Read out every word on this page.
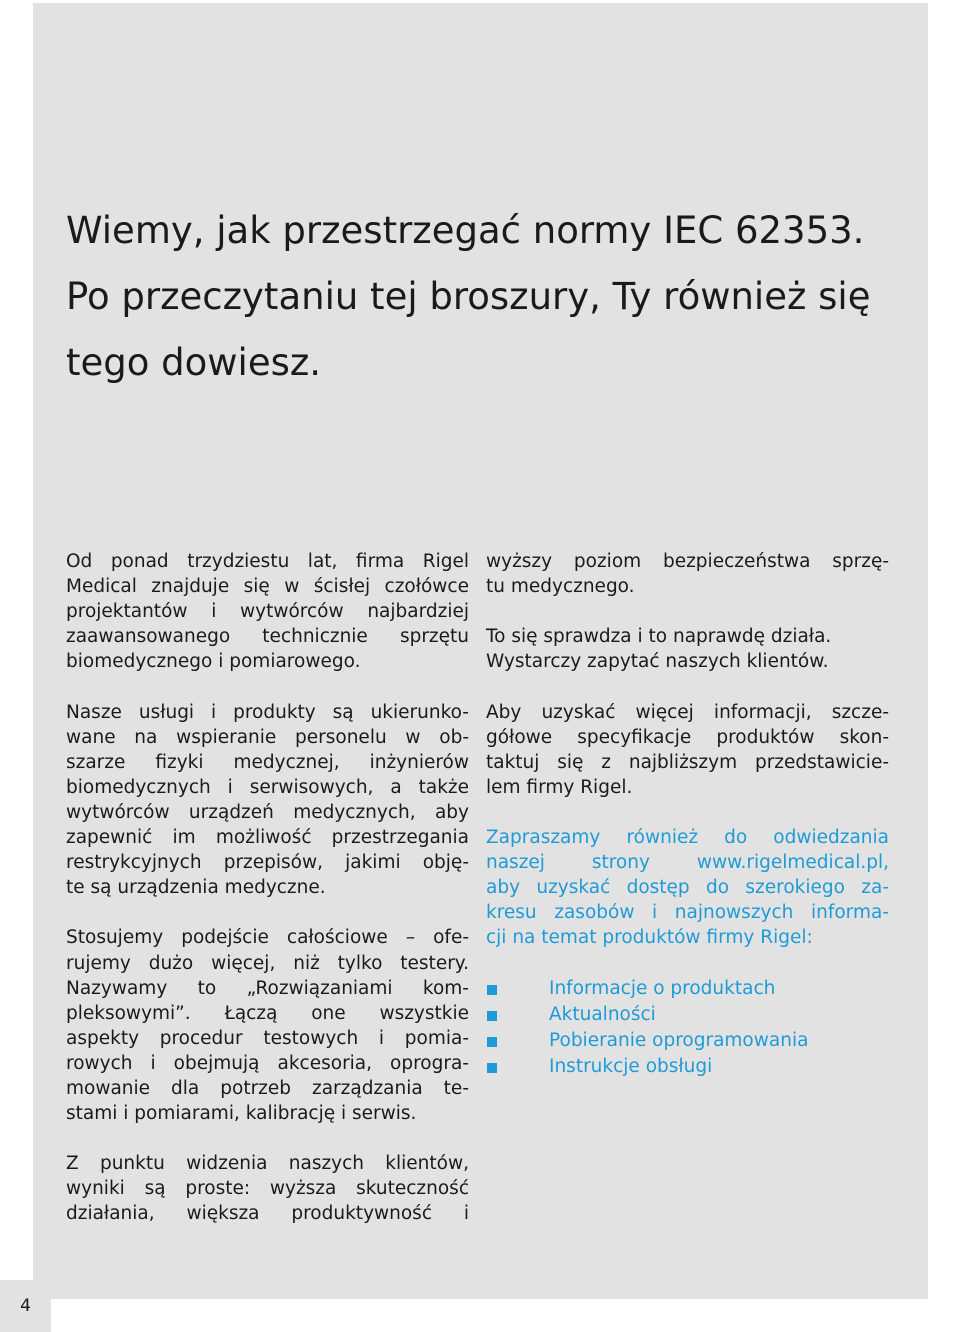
Wiemy, jak przestrzegać normy IEC 62353.
Po przeczytaniu tej broszury, Ty również się
tego dowiesz.

Od ponad trzydziestu lat, firma Rigel
Medical znajduje się w ścisłej czołówce
projektantów i wytwórców najbardziej
zaawansowanego technicznie sprzętu
biomedycznego i pomiarowego.

Nasze usługi i produkty są ukierunko-
wane na wspieranie personelu w ob-
szarze fizyki medycznej, inżynierów
biomedycznych i serwisowych, a także
wytwórców urządzeń medycznych, aby
zapewnić im możliwość przestrzegania
restrykcyjnych przepisów, jakimi obję-
te są urządzenia medyczne.

Stosujemy podejście całościowe – ofe-
rujemy dużo więcej, niż tylko testery.
Nazywamy to „Rozwiązaniami kom-
pleksowymi”. Łączą one wszystkie
aspekty procedur testowych i pomia-
rowych i obejmują akcesoria, oprogra-
mowanie dla potrzeb zarządzania te-
stami i pomiarami, kalibrację i serwis.

Z punktu widzenia naszych klientów,
wyniki są proste: wyższa skuteczność
działania, większa produktywność i

wyższy poziom bezpieczeństwa sprzę-
tu medycznego.

To się sprawdza i to naprawdę działa.
Wystarczy zapytać naszych klientów.

Aby uzyskać więcej informacji, szcze-
gółowe specyfikacje produktów skon-
taktuj się z najbliższym przedstawicie-
lem firmy Rigel.

Zapraszamy również do odwiedzania
naszej strony www.rigelmedical.pl,
aby uzyskać dostęp do szerokiego za-
kresu zasobów i najnowszych informa-
cji na temat produktów firmy Rigel:

Informacje o produktach
Aktualności
Pobieranie oprogramowania
Instrukcje obsługi
4
